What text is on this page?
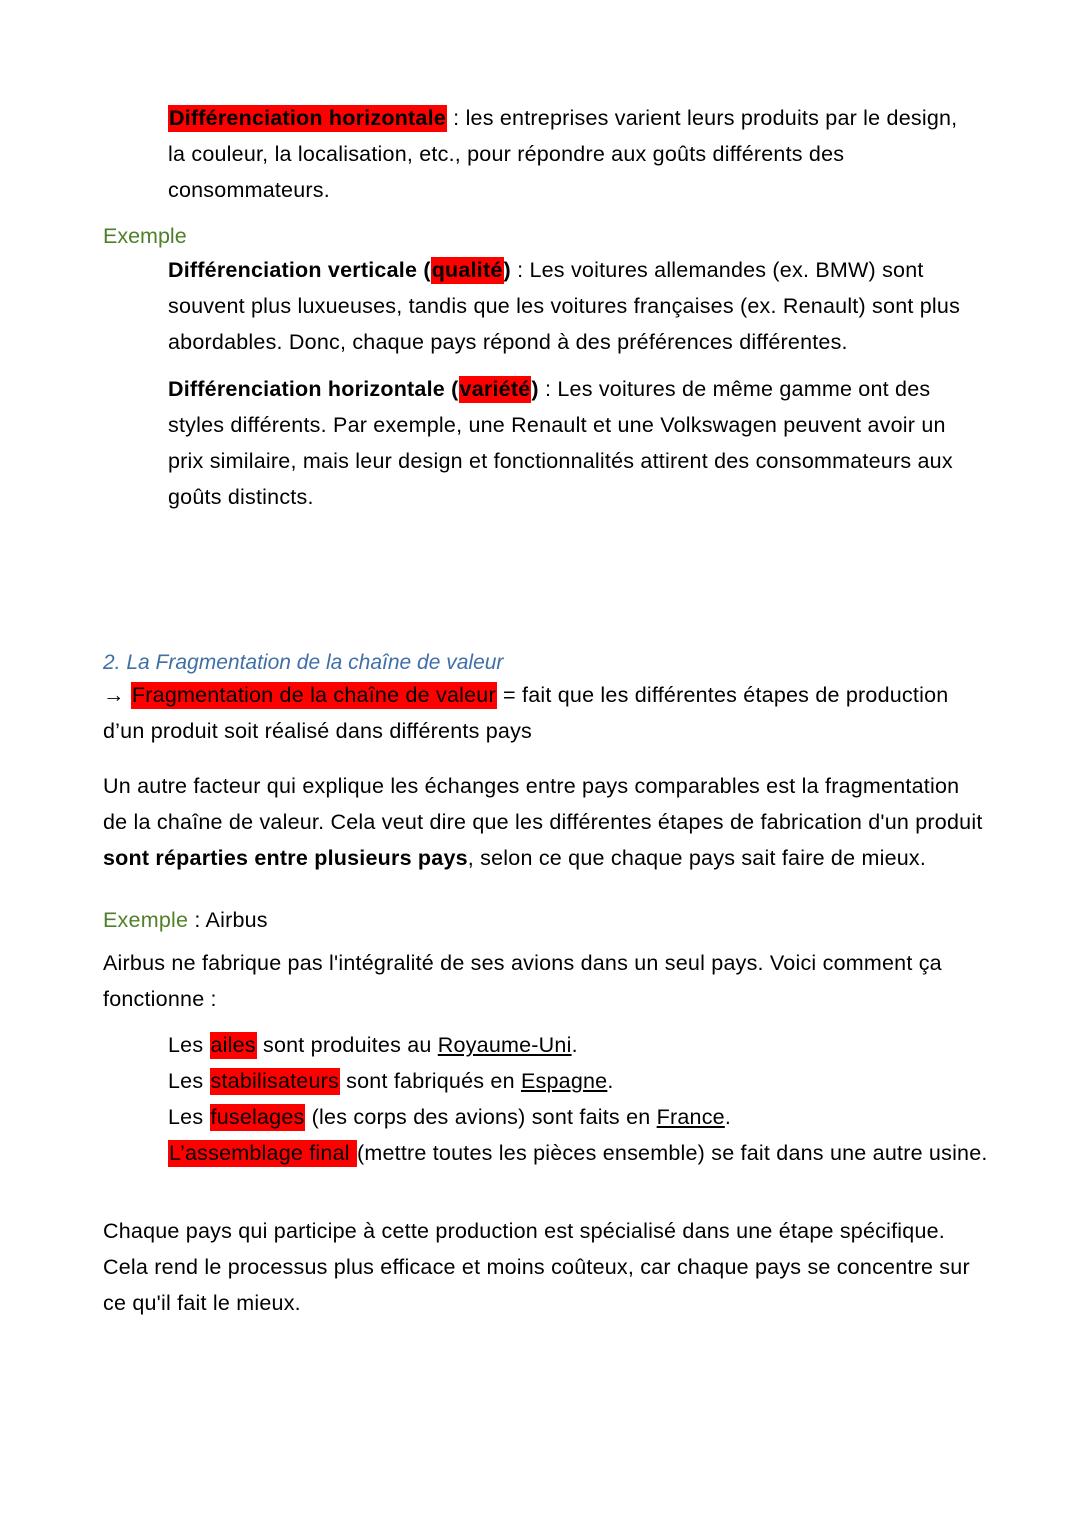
Différenciation horizontale : les entreprises varient leurs produits par le design, la couleur, la localisation, etc., pour répondre aux goûts différents des consommateurs.
Exemple
Différenciation verticale (qualité) : Les voitures allemandes (ex. BMW) sont souvent plus luxueuses, tandis que les voitures françaises (ex. Renault) sont plus abordables. Donc, chaque pays répond à des préférences différentes.
Différenciation horizontale (variété) : Les voitures de même gamme ont des styles différents. Par exemple, une Renault et une Volkswagen peuvent avoir un prix similaire, mais leur design et fonctionnalités attirent des consommateurs aux goûts distincts.
2. La Fragmentation de la chaîne de valeur
→ Fragmentation de la chaîne de valeur = fait que les différentes étapes de production d’un produit soit réalisé dans différents pays
Un autre facteur qui explique les échanges entre pays comparables est la fragmentation de la chaîne de valeur. Cela veut dire que les différentes étapes de fabrication d'un produit sont réparties entre plusieurs pays, selon ce que chaque pays sait faire de mieux.
Exemple : Airbus
Airbus ne fabrique pas l'intégralité de ses avions dans un seul pays. Voici comment ça fonctionne :
Les ailes sont produites au Royaume-Uni.
Les stabilisateurs sont fabriqués en Espagne.
Les fuselages (les corps des avions) sont faits en France.
L’assemblage final (mettre toutes les pièces ensemble) se fait dans une autre usine.
Chaque pays qui participe à cette production est spécialisé dans une étape spécifique. Cela rend le processus plus efficace et moins coûteux, car chaque pays se concentre sur ce qu'il fait le mieux.
